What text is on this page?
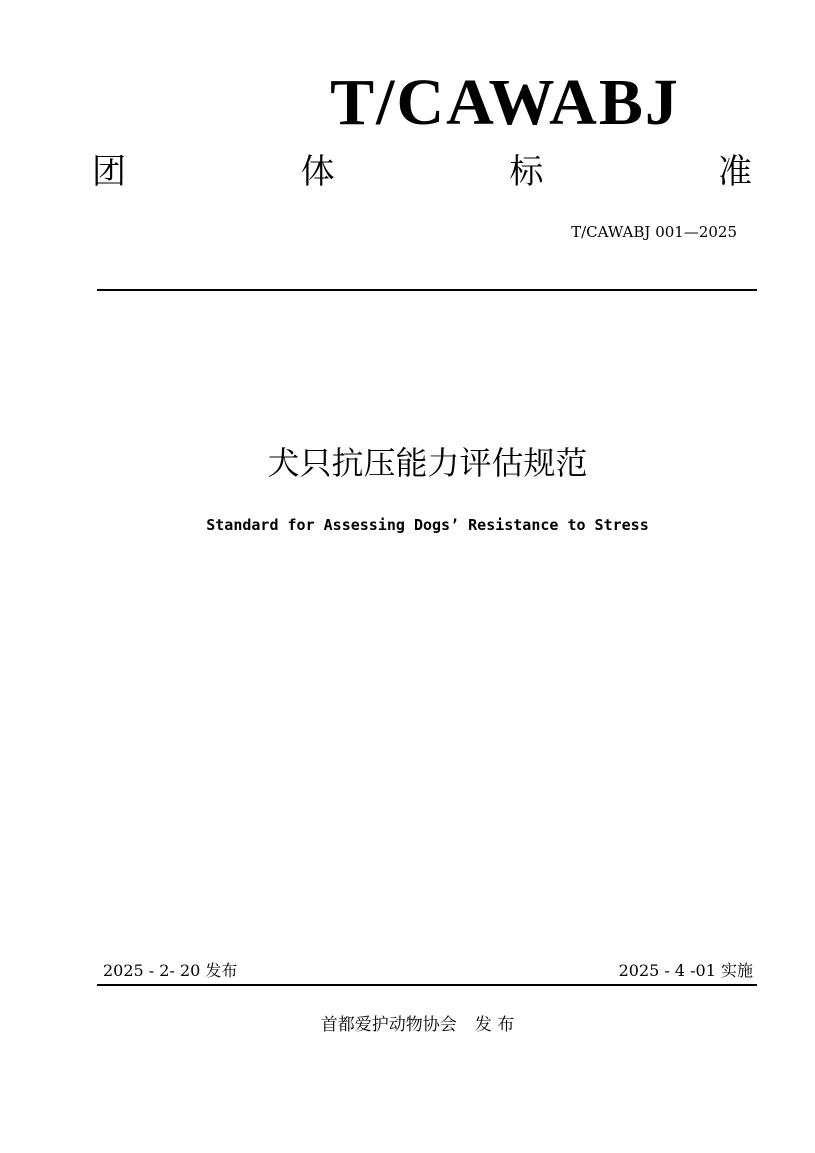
T/CAWABJ
团	体	标	准
T/CAWABJ 001—2025
犬只抗压能力评估规范
Standard for Assessing Dogs’ Resistance to Stress
2025 - 2- 20 发布	2025 - 4 -01 实施
首都爱护动物协会 发 布
